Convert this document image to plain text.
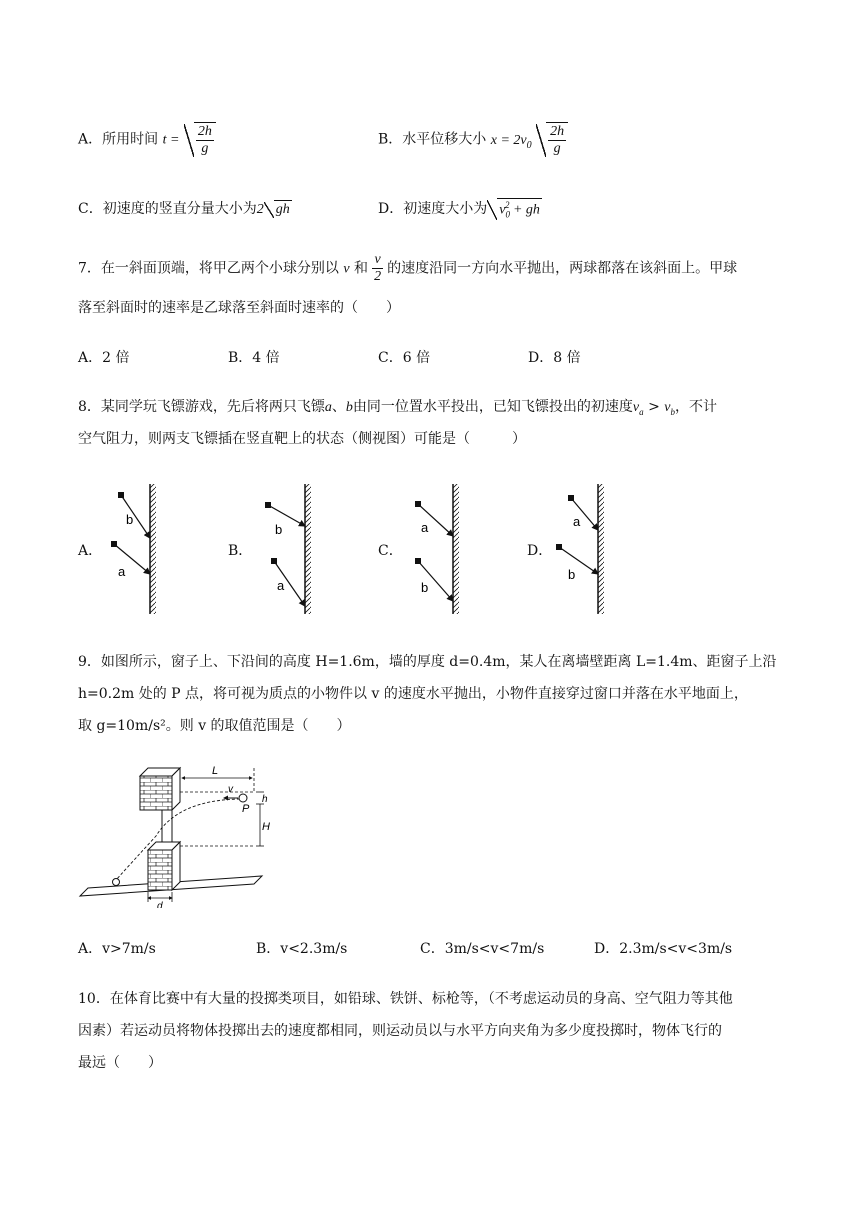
A．所用时间 $t = \frac{2h}{g}$	B．水平位移大小 $x = 2v_0 \frac{2h}{g}$
C．初速度的竖直分量大小为2 gh	D．初速度大小为 $v_0^2$ + gh
7．在一斜面顶端，将甲乙两个小球分别以 v 和 $\frac{v}{2}$ 的速度沿同一方向水平抛出，两球都落在该斜面上。甲球
落至斜面时的速率是乙球落至斜面时速率的（　　）
A．2 倍	B．4 倍	C．6 倍	D．8 倍
8．某同学玩飞镖游戏，先后将两只飞镖a、b由同一位置水平投出，已知飞镖投出的初速度$v_a > v_b$，不计
空气阻力，则两支飞镖插在竖直靶上的状态（侧视图）可能是（　　　）
A．	B．	C．	D．
b
a
b
a
a
b
a
b
9．如图所示，窗子上、下沿间的高度 H=1.6m，墙的厚度 d=0.4m，某人在离墙壁距离 L=1.4m、距窗子上沿
h=0.2m 处的 P 点，将可视为质点的小物件以 v 的速度水平抛出，小物件直接穿过窗口并落在水平地面上，
取 g=10m/s²。则 v 的取值范围是（　　）
L
v
P
h
H
d
A．v>7m/s	B．v<2.3m/s	C．3m/s<v<7m/s	D．2.3m/s<v<3m/s
10．在体育比赛中有大量的投掷类项目，如铅球、铁饼、标枪等，（不考虑运动员的身高、空气阻力等其他
因素）若运动员将物体投掷出去的速度都相同，则运动员以与水平方向夹角为多少度投掷时，物体飞行的
最远（　　）
